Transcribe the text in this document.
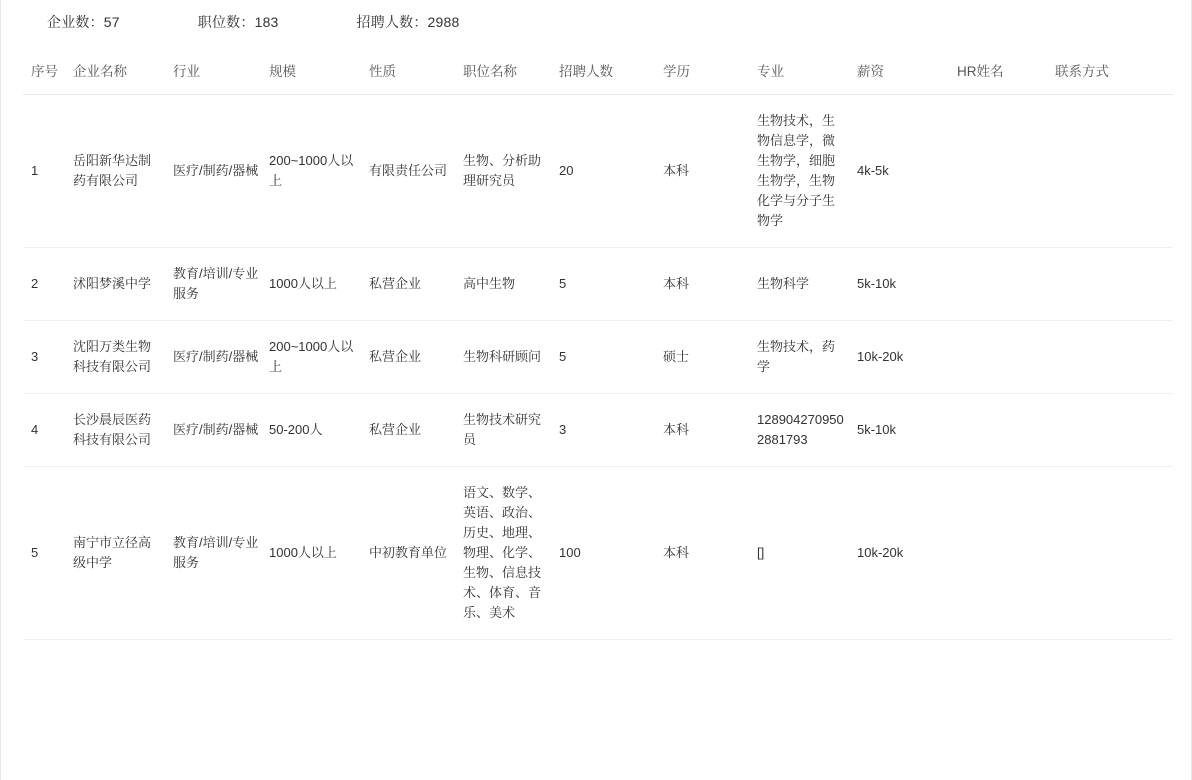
企业数：57	职位数：183	招聘人数：2988
序号	企业名称	行业	规模	性质	职位名称	招聘人数	学历	专业	薪资	HR姓名	联系方式
1	岳阳新华达制药有限公司	医疗/制药/器械	200~1000人以上	有限责任公司	生物、分析助理研究员	20	本科	生物技术，生物信息学，微生物学，细胞生物学，生物化学与分子生物学	4k-5k	

2	沭阳梦溪中学	教育/培训/专业服务	1000人以上	私营企业	高中生物	5	本科	生物科学	5k-10k	

3	沈阳万类生物科技有限公司	医疗/制药/器械	200~1000人以上	私营企业	生物科研顾问	5	硕士	生物技术，药学	10k-20k	

4	长沙晨辰医药科技有限公司	医疗/制药/器械	50-200人	私营企业	生物技术研究员	3	本科	1289042709502881793	5k-10k	

5	南宁市立径高级中学	教育/培训/专业服务	1000人以上	中初教育单位	语文、数学、英语、政治、历史、地理、物理、化学、生物、信息技术、体育、音乐、美术	100	本科	[]	10k-20k	
